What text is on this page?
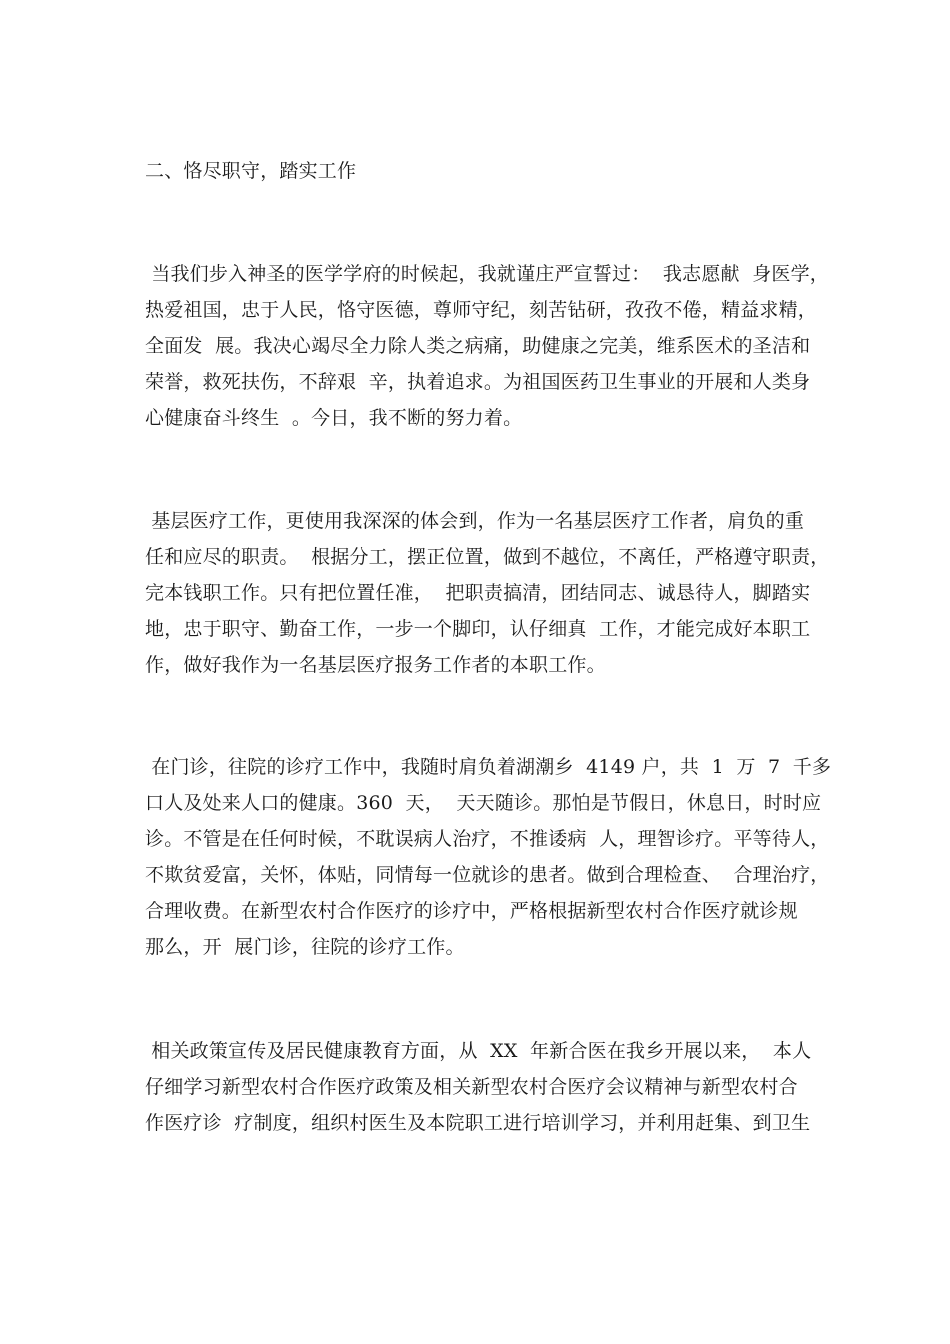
二、恪尽职守，踏实工作
当我们步入神圣的医学学府的时候起，我就谨庄严宣誓过：  我志愿献  身医学，
热爱祖国，忠于人民，恪守医德，尊师守纪，刻苦钻研，孜孜不倦，精益求精，
全面发  展。我决心竭尽全力除人类之病痛，助健康之完美，维系医术的圣洁和
荣誉，救死扶伤，不辞艰  辛，执着追求。为祖国医药卫生事业的开展和人类身
心健康奋斗终生  。今日，我不断的努力着。
基层医疗工作，更使用我深深的体会到，作为一名基层医疗工作者，肩负的重
任和应尽的职责。  根据分工，摆正位置，做到不越位，不离任，严格遵守职责，
完本钱职工作。只有把位置任准，  把职责搞清，团结同志、诚恳待人，脚踏实
地，忠于职守、勤奋工作，一步一个脚印，认仔细真  工作，才能完成好本职工
作，做好我作为一名基层医疗报务工作者的本职工作。
在门诊，往院的诊疗工作中，我随时肩负着湖潮乡  4149 户，共  1  万  7  千多
口人及处来人口的健康。360  天，  天天随诊。那怕是节假日，休息日，时时应
诊。不管是在任何时候，不耽误病人治疗，不推诿病  人，理智诊疗。平等待人，
不欺贫爱富，关怀，体贴，同情每一位就诊的患者。做到合理检查、  合理治疗，
合理收费。在新型农村合作医疗的诊疗中，严格根据新型农村合作医疗就诊规
那么，开  展门诊，往院的诊疗工作。
相关政策宣传及居民健康教育方面，从  XX  年新合医在我乡开展以来，  本人
仔细学习新型农村合作医疗政策及相关新型农村合医疗会议精神与新型农村合
作医疗诊  疗制度，组织村医生及本院职工进行培训学习，并利用赶集、到卫生
